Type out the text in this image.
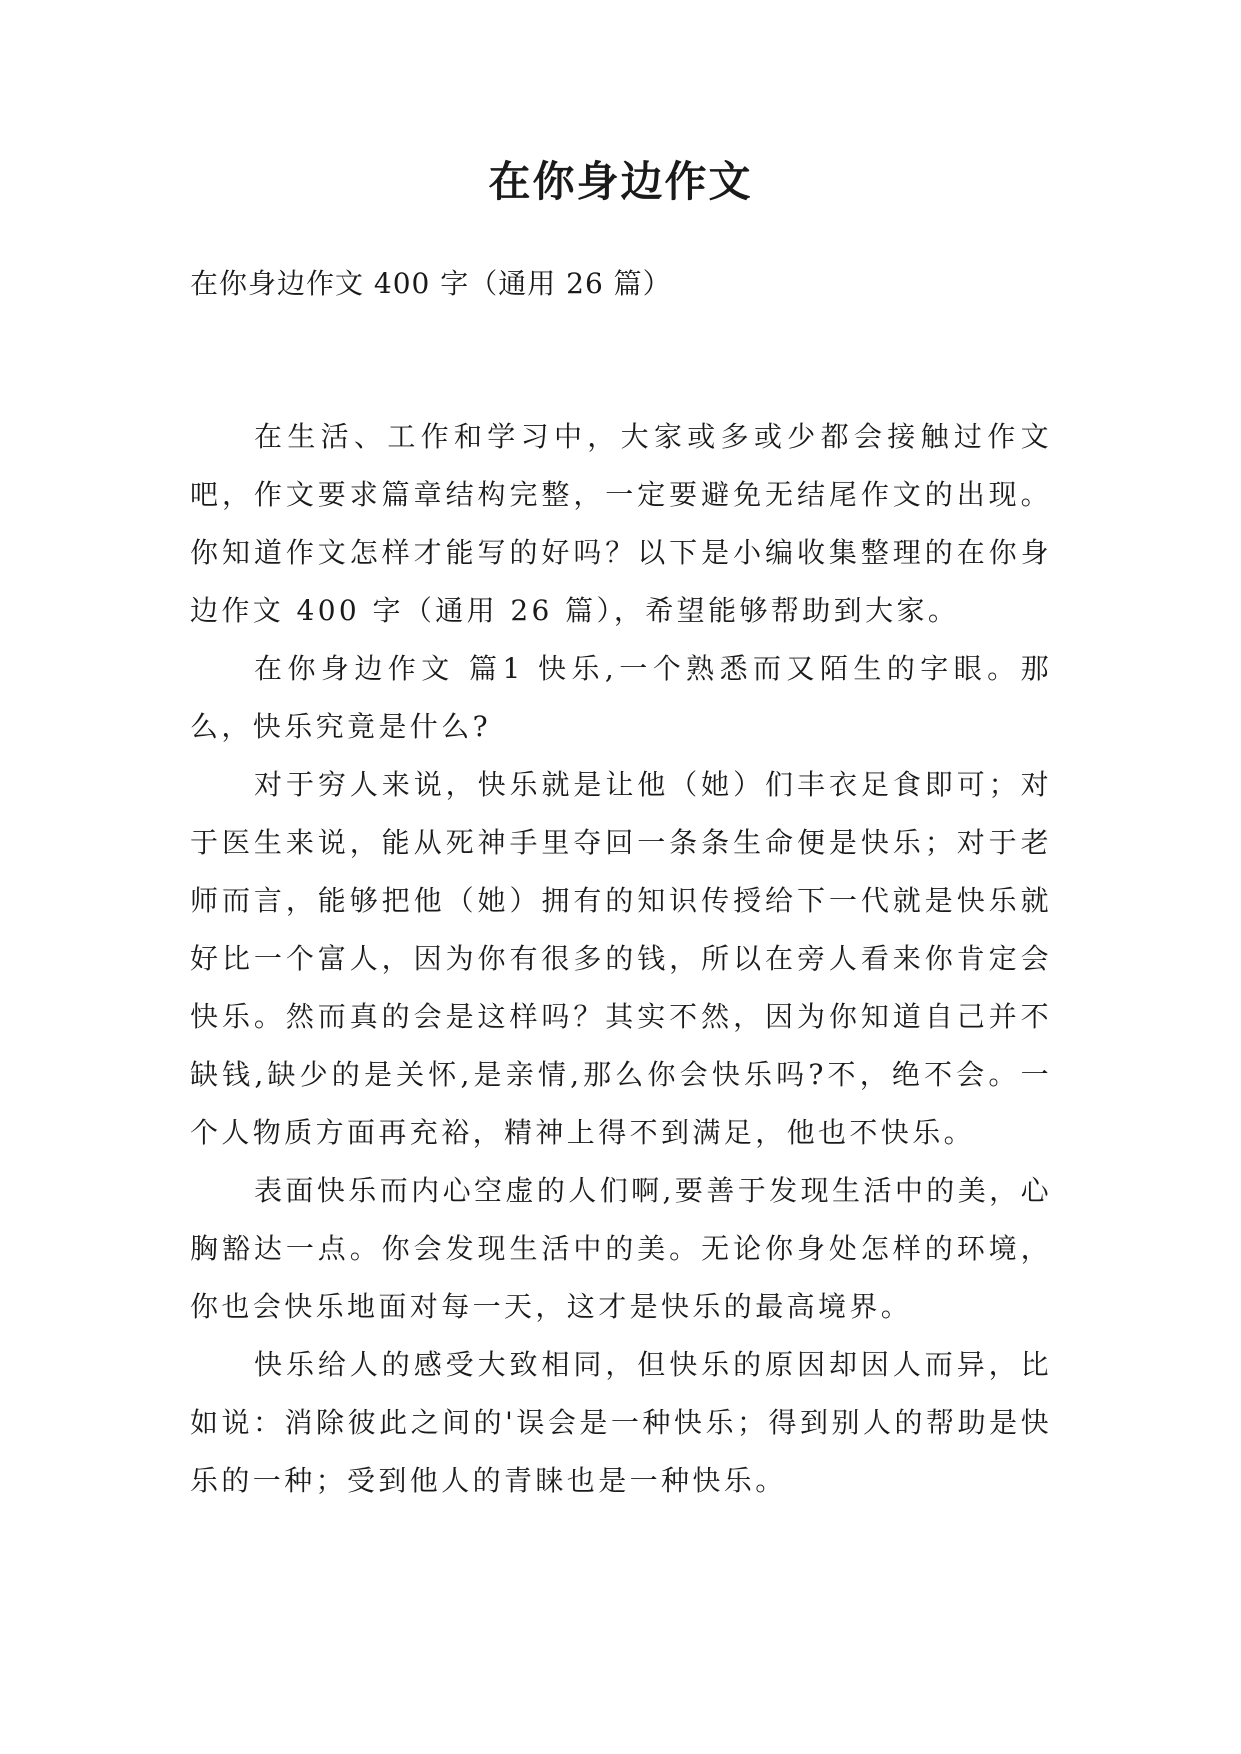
在你身边作文

在你身边作文 400 字（通用 26 篇）

在生活、工作和学习中，大家或多或少都会接触过作文吧，作文要求篇章结构完整，一定要避免无结尾作文的出现。你知道作文怎样才能写的好吗？以下是小编收集整理的在你身边作文 400 字（通用 26 篇），希望能够帮助到大家。

在你身边作文 篇1 快乐,一个熟悉而又陌生的字眼。那么，快乐究竟是什么?

对于穷人来说，快乐就是让他（她）们丰衣足食即可；对于医生来说，能从死神手里夺回一条条生命便是快乐；对于老师而言，能够把他（她）拥有的知识传授给下一代就是快乐就好比一个富人，因为你有很多的钱，所以在旁人看来你肯定会快乐。然而真的会是这样吗？其实不然，因为你知道自己并不缺钱,缺少的是关怀,是亲情,那么你会快乐吗?不，绝不会。一个人物质方面再充裕，精神上得不到满足，他也不快乐。

表面快乐而内心空虚的人们啊,要善于发现生活中的美，心胸豁达一点。你会发现生活中的美。无论你身处怎样的环境，你也会快乐地面对每一天，这才是快乐的最高境界。

快乐给人的感受大致相同，但快乐的原因却因人而异，比如说：消除彼此之间的'误会是一种快乐；得到别人的帮助是快乐的一种；受到他人的青睐也是一种快乐。
